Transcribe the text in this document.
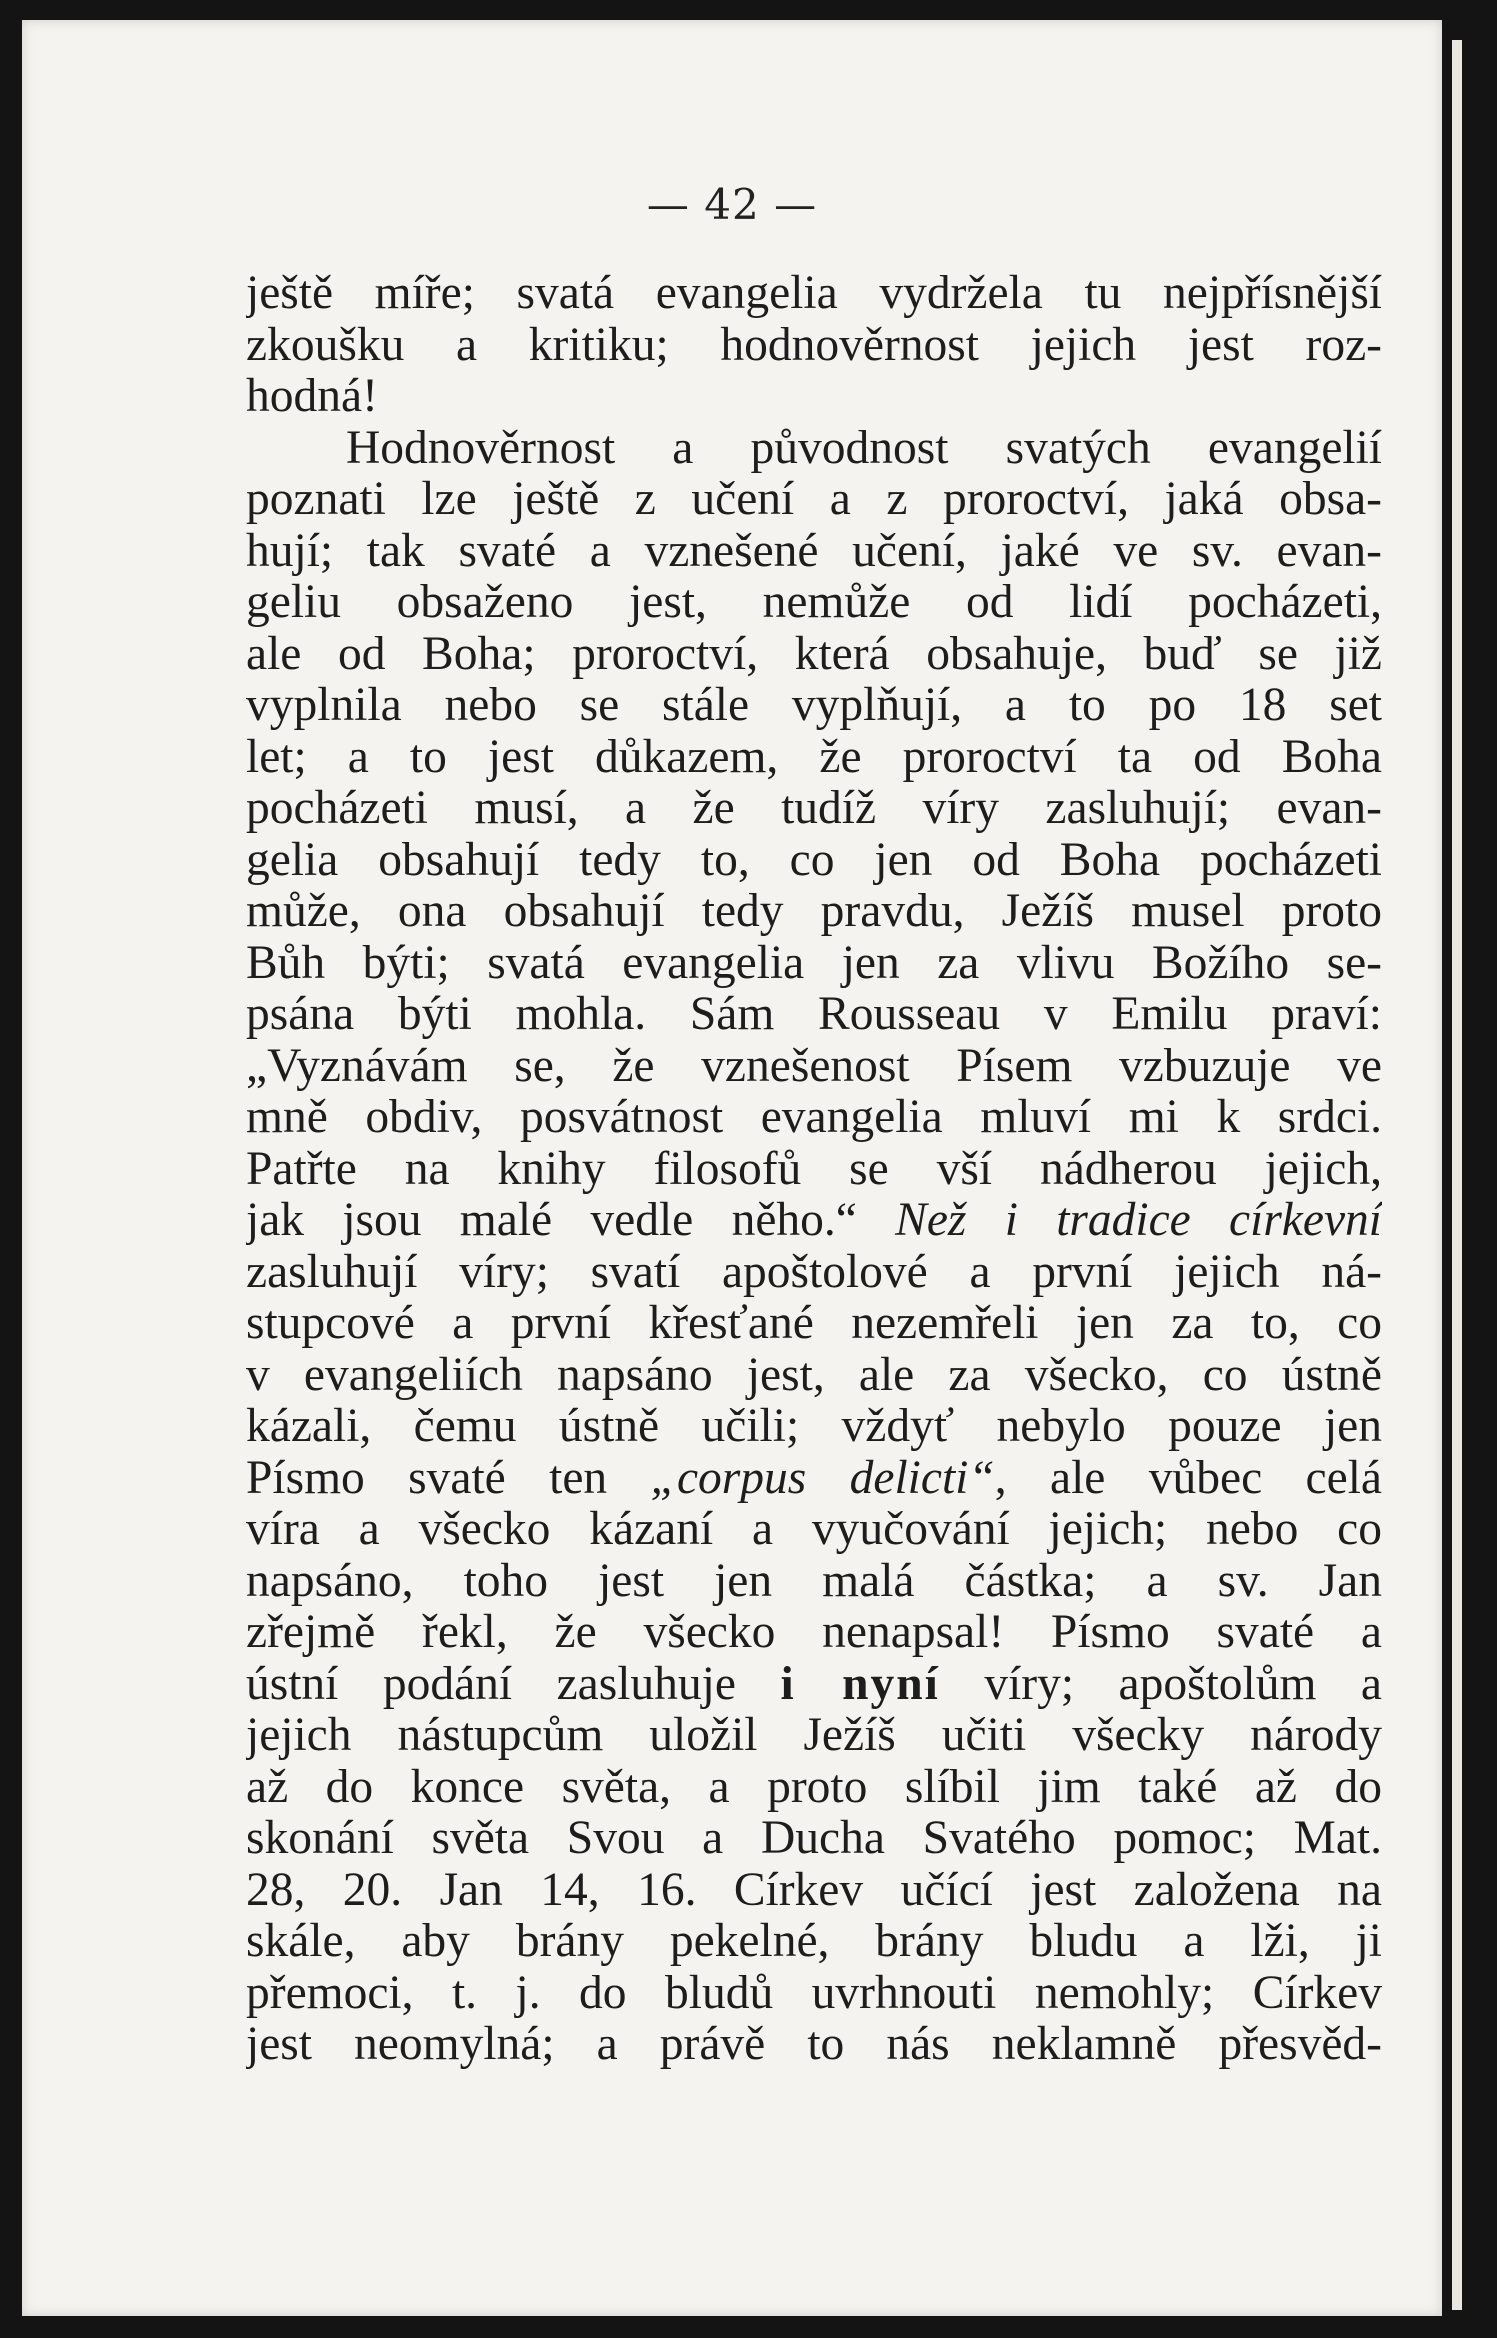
— 42 —
ještě míře; svatá evangelia vydržela tu nejpřísnější
zkoušku a kritiku; hodnověrnost jejich jest roz-
hodná!
Hodnověrnost a původnost svatých evangelií
poznati lze ještě z učení a z proroctví, jaká obsa-
hují; tak svaté a vznešené učení, jaké ve sv. evan-
geliu obsaženo jest, nemůže od lidí pocházeti,
ale od Boha; proroctví, která obsahuje, buď se již
vyplnila nebo se stále vyplňují, a to po 18 set
let; a to jest důkazem, že proroctví ta od Boha
pocházeti musí, a že tudíž víry zasluhují; evan-
gelia obsahují tedy to, co jen od Boha pocházeti
může, ona obsahují tedy pravdu, Ježíš musel proto
Bůh býti; svatá evangelia jen za vlivu Božího se-
psána býti mohla. Sám Rousseau v Emilu praví:
„Vyznávám se, že vznešenost Písem vzbuzuje ve
mně obdiv, posvátnost evangelia mluví mi k srdci.
Patřte na knihy filosofů se vší nádherou jejich,
jak jsou malé vedle něho.“ Než i tradice církevní
zasluhují víry; svatí apoštolové a první jejich ná-
stupcové a první křesťané nezemřeli jen za to, co
v evangeliích napsáno jest, ale za všecko, co ústně
kázali, čemu ústně učili; vždyť nebylo pouze jen
Písmo svaté ten „corpus delicti“, ale vůbec celá
víra a všecko kázaní a vyučování jejich; nebo co
napsáno, toho jest jen malá částka; a sv. Jan
zřejmě řekl, že všecko nenapsal! Písmo svaté a
ústní podání zasluhuje i nyní víry; apoštolům a
jejich nástupcům uložil Ježíš učiti všecky národy
až do konce světa, a proto slíbil jim také až do
skonání světa Svou a Ducha Svatého pomoc; Mat.
28, 20. Jan 14, 16. Církev učící jest založena na
skále, aby brány pekelné, brány bludu a lži, ji
přemoci, t. j. do bludů uvrhnouti nemohly; Církev
jest neomylná; a právě to nás neklamně přesvěd-
